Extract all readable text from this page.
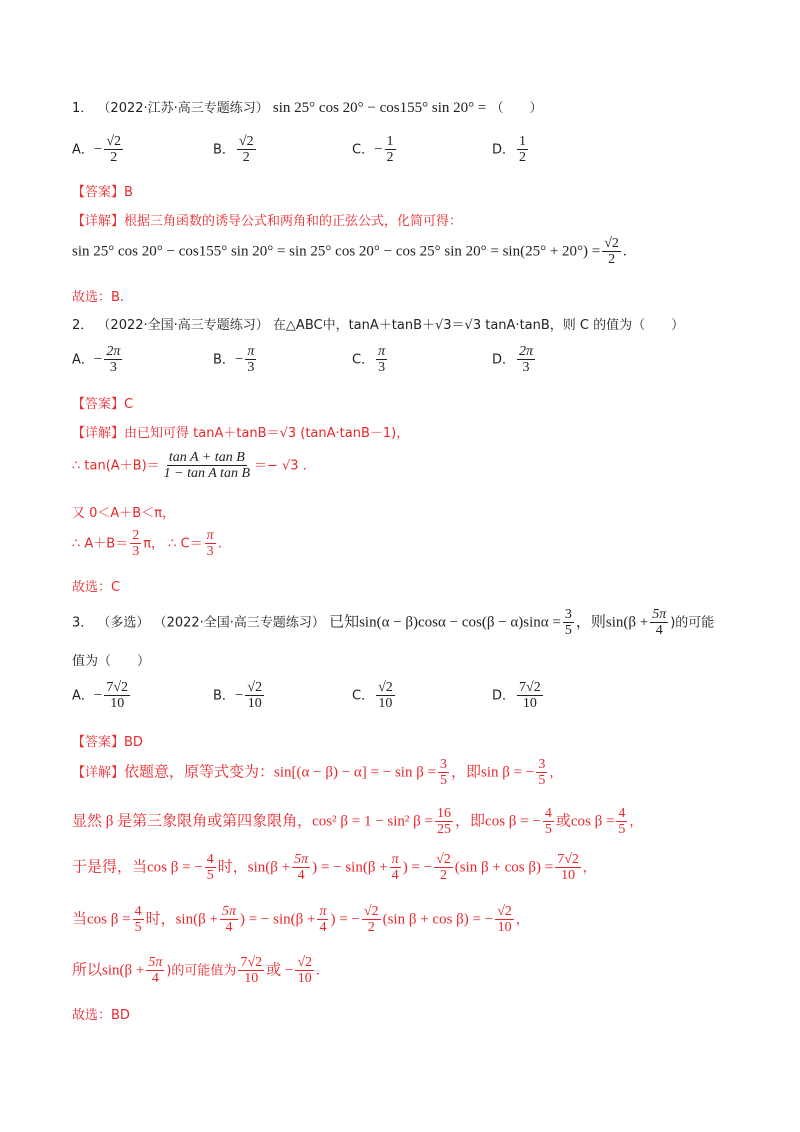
1． （2022·江苏·高三专题练习） sin 25° cos 20° − cos155° sin 20° = （　　）
A．− $\frac{√2}{2}$	B． $\frac{√2}{2}$	C．− $\frac{1}{2}$	D． $\frac{1}{2}$
【答案】B
【详解】根据三角函数的诱导公式和两角和的正弦公式，化简可得：
sin 25° cos 20° − cos155° sin 20° = sin 25° cos 20° − cos 25° $\sin 20^\circ = \sin(25^\circ + 20^\circ) = \frac{√2}{2}$ .
故选：B.
2． （2022·全国·高三专题练习） 在△ABC中，tanA＋tanB＋√3＝√3 tanA·tanB，则 C 的值为（　　）
A．− $\frac{2\pi}{3}$	B．− $\frac{\pi}{3}$	C． $\frac{\pi}{3}$	D． $\frac{2\pi}{3}$
【答案】C
【详解】由已知可得 tanA＋tanB＝√3 (tanA·tanB－1)，
∴ $\tan(A+B)= \frac{\text{tan A + tan B}}{\text{1 − tan A tan B}} =- √3$ .
又 0＜A＋B＜π，
∴ $A+B= \frac{2}{3}$ π， ∴ $C= \frac{\pi}{3}$ .
故选：C
3． （多选） （2022·全国·高三专题练习） 已知$\sin(\alpha - \beta)\cos\alpha - \cos(\beta - \alpha)\sin\alpha = \frac{3}{5}$ ，则$\sin(\beta + \frac{5\pi}{4}$ )的可能
值为（　　）
A．− $\frac{7√2}{10}$	B．− $\frac{√2}{10}$	C． $\frac{√2}{10}$	D． $\frac{7√2}{10}$
【答案】BD
【详解】依题意，原等式变为：sin[(α − β) − α] = − $\sin \beta = \frac{3}{5}$ ，即sin β = − $\frac{3}{5}$ ，
显然 β 是第三象限角或第四象限角，cos² β = 1 − sin² $\beta = \frac{16}{25}$ ，即cos β = − $\frac{4}{5}$ 或$\cos \beta = \frac{4}{5}$ ，
于是得，当cos β = − $\frac{4}{5}$ 时，$\sin(\beta + \frac{5\pi}{4}$ ) = − $\sin(\beta + \frac{\pi}{4}$ ) = − $\frac{√2}{2} (\sin$ $\beta + \cos \beta) = \frac{7√2}{10}$ ，
当$\cos \beta = \frac{4}{5}$ 时，$\sin(\beta + \frac{5\pi}{4}$ ) = − $\sin(\beta + \frac{\pi}{4}$ ) = − $\frac{√2}{2} (\sin$ β + cos β) = − $\frac{√2}{10}$ ，
所以$\sin(\beta + \frac{5\pi}{4}$ )的可能值为 $\frac{7√2}{10}$ 或 − $\frac{√2}{10}$ .
故选：BD
